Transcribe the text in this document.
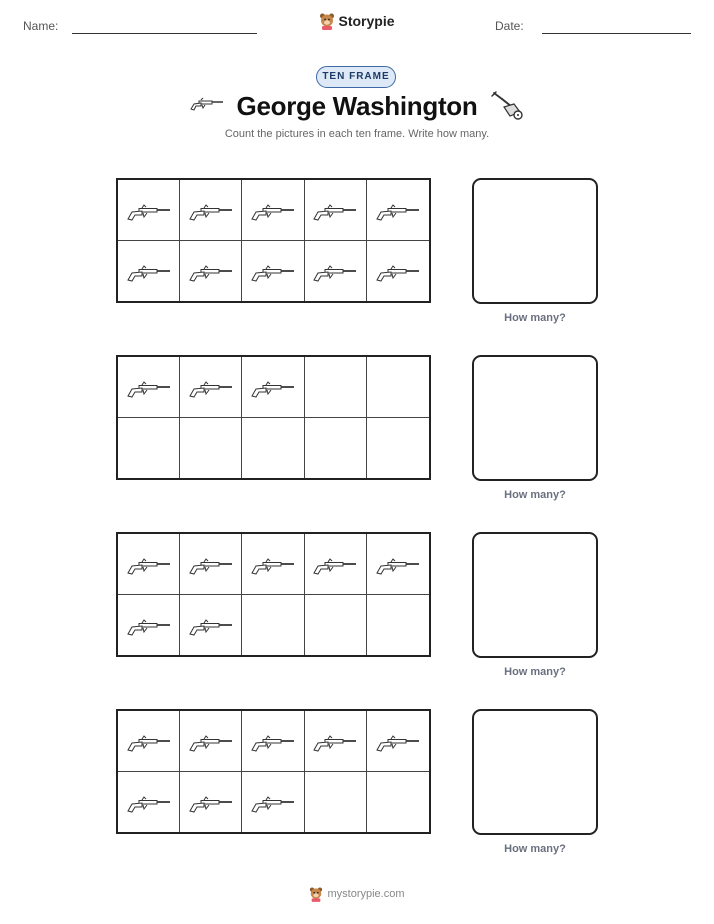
Name:	Storypie	Date:
TEN FRAME
George Washington
Count the pictures in each ten frame. Write how many.
How many?
How many?
How many?
How many?
mystorypie.com
